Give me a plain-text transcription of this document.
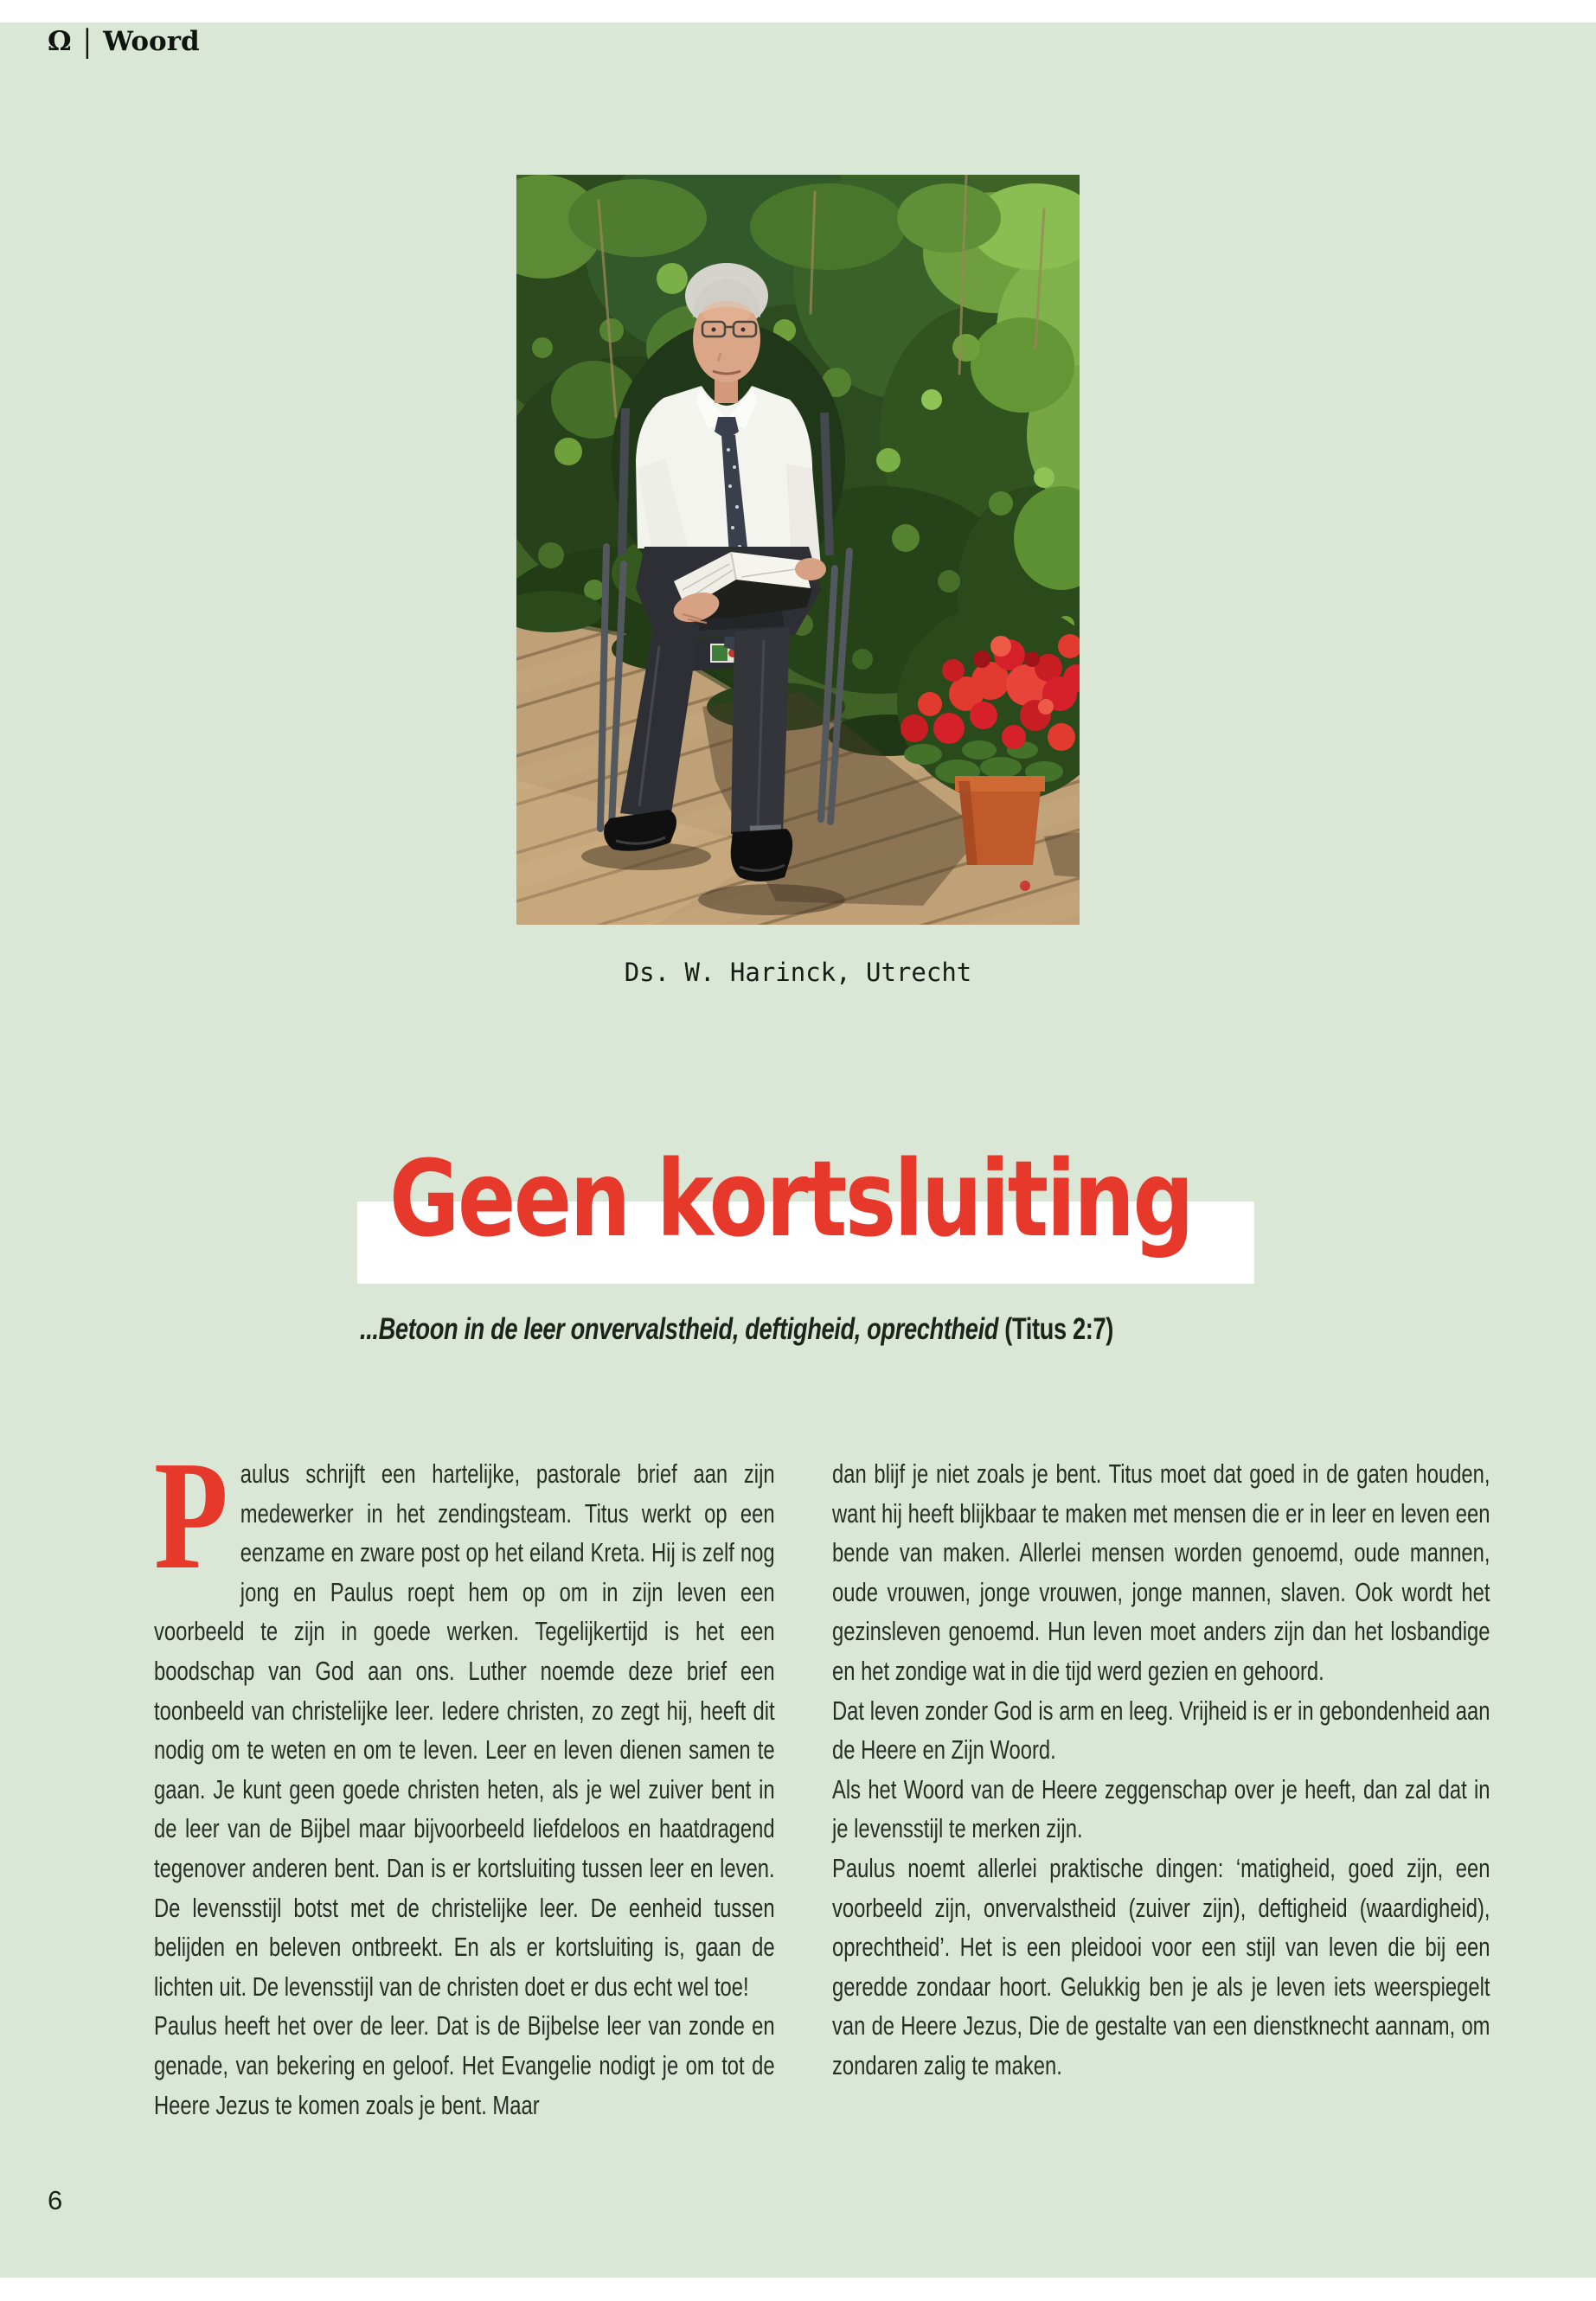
Ω | Woord
Ds. W. Harinck, Utrecht
Geen kortsluiting
...Betoon in de leer onvervalstheid, deftigheid, oprechtheid (Titus 2:7)

Paulus schrijft een hartelijke, pastorale brief aan zijn medewerker in het zendingsteam. Titus werkt op een eenzame en zware post op het eiland Kreta. Hij is zelf nog jong en Paulus roept hem op om in zijn leven een voorbeeld te zijn in goede werken. Tegelijkertijd is het een boodschap van God aan ons. Luther noemde deze brief een toonbeeld van christelijke leer. Iedere christen, zo zegt hij, heeft dit nodig om te weten en om te leven. Leer en leven dienen samen te gaan. Je kunt geen goede christen heten, als je wel zuiver bent in de leer van de Bijbel maar bijvoorbeeld liefdeloos en haatdragend tegenover anderen bent. Dan is er kortsluiting tussen leer en leven. De levensstijl botst met de christelijke leer. De eenheid tussen belijden en beleven ontbreekt. En als er kortsluiting is, gaan de lichten uit. De levensstijl van de christen doet er dus echt wel toe!

Paulus heeft het over de leer. Dat is de Bijbelse leer van zonde en genade, van bekering en geloof. Het Evangelie nodigt je om tot de Heere Jezus te komen zoals je bent. Maar

dan blijf je niet zoals je bent. Titus moet dat goed in de gaten houden, want hij heeft blijkbaar te maken met mensen die er in leer en leven een bende van maken. Allerlei mensen worden genoemd, oude mannen, oude vrouwen, jonge vrouwen, jonge mannen, slaven. Ook wordt het gezinsleven genoemd. Hun leven moet anders zijn dan het losbandige en het zondige wat in die tijd werd gezien en gehoord.

Dat leven zonder God is arm en leeg. Vrijheid is er in gebondenheid aan de Heere en Zijn Woord.

Als het Woord van de Heere zeggenschap over je heeft, dan zal dat in je levensstijl te merken zijn.

Paulus noemt allerlei praktische dingen: ‘matigheid, goed zijn, een voorbeeld zijn, onvervalstheid (zuiver zijn), deftigheid (waardigheid), oprechtheid’. Het is een pleidooi voor een stijl van leven die bij een geredde zondaar hoort. Gelukkig ben je als je leven iets weerspiegelt van de Heere Jezus, Die de gestalte van een dienstknecht aannam, om zondaren zalig te maken.

6
